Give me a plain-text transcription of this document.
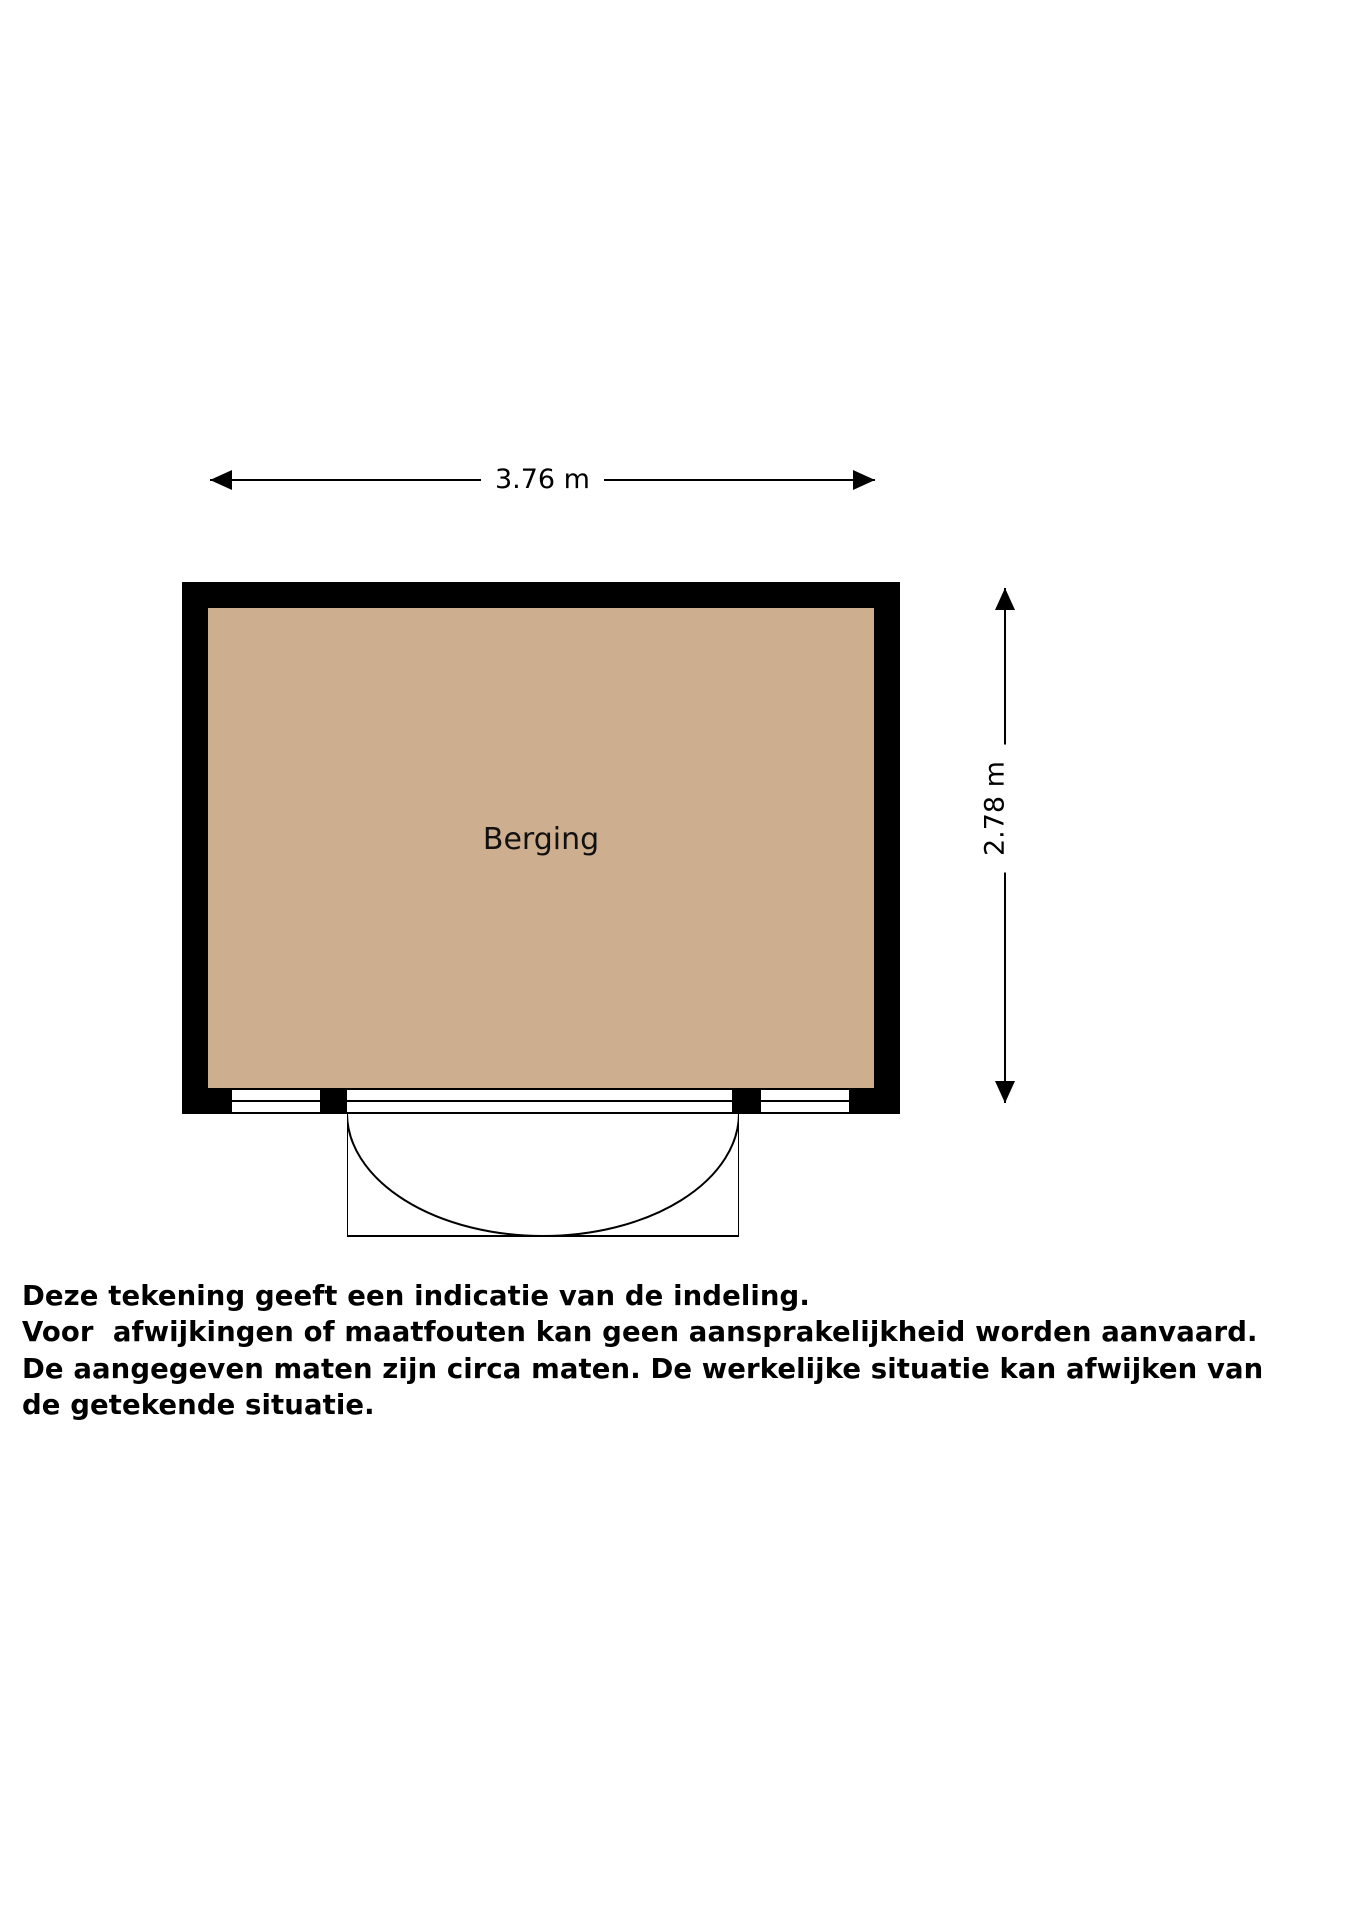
3.76 m
2.78 m
Berging
Deze tekening geeft een indicatie van de indeling.
Voor  afwijkingen of maatfouten kan geen aansprakelijkheid worden aanvaard.
De aangegeven maten zijn circa maten. De werkelijke situatie kan afwijken van
de getekende situatie.
